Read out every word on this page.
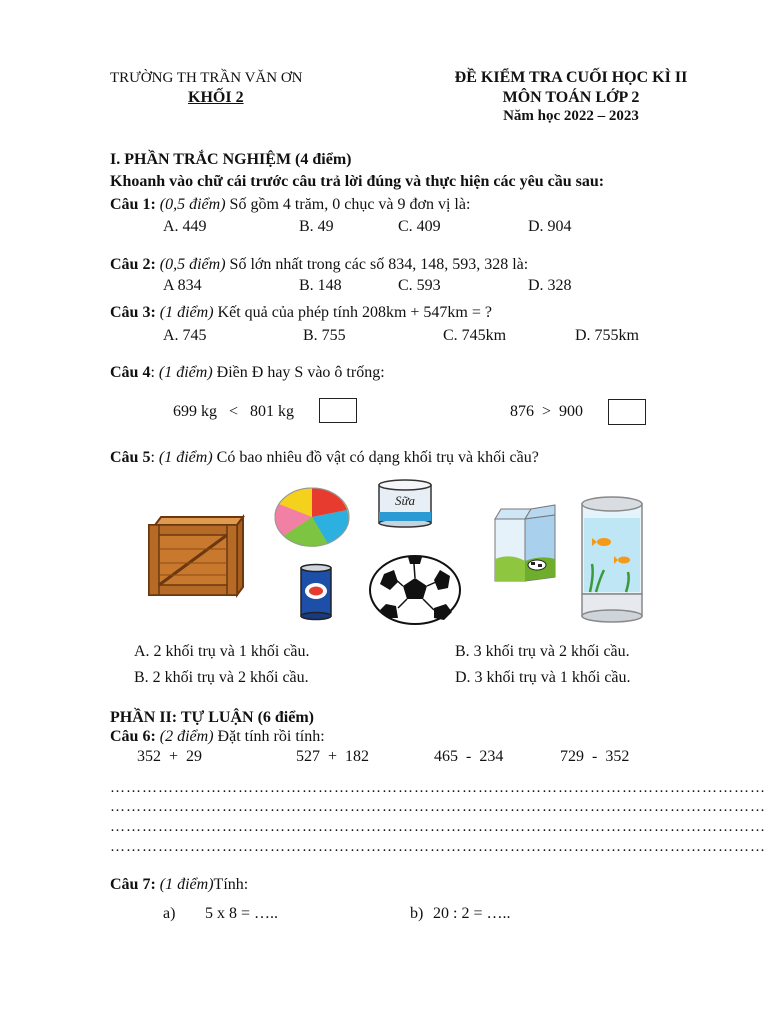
TRƯỜNG TH TRẦN VĂN ƠN
KHỐI 2
ĐỀ KIỂM TRA CUỐI HỌC KÌ II
MÔN TOÁN LỚP 2
Năm học 2022 – 2023
I. PHẦN TRẮC NGHIỆM (4 điểm)
Khoanh vào chữ cái trước câu trả lời đúng và thực hiện các yêu cầu sau:
Câu 1: (0,5 điểm) Số gồm 4 trăm, 0 chục và 9 đơn vị là:
A. 449	B. 49	C. 409	D. 904
Câu 2: (0,5 điểm) Số lớn nhất trong các số 834, 148, 593, 328 là:
A 834	B. 148	C. 593	D. 328
Câu 3: (1 điểm) Kết quả của phép tính 208km + 547km = ?
A. 745	B. 755	C. 745km	D. 755km
Câu 4: (1 điểm) Điền Đ hay S vào ô trống:
699 kg   <   801 kg	876  >  900
Câu 5: (1 điểm) Có bao nhiêu đồ vật có dạng khối trụ và khối cầu?
Sữa
A. 2 khối trụ và 1 khối cầu.	B. 3 khối trụ và 2 khối cầu.
B. 2 khối trụ và 2 khối cầu.	D. 3 khối trụ và 1 khối cầu.
PHẦN II: TỰ LUẬN (6 điểm)
Câu 6: (2 điểm) Đặt tính rồi tính:
352  +  29	527  +  182	465  -  234	729  -  352
……………………………………………………………………………………………………………
……………………………………………………………………………………………………………
……………………………………………………………………………………………………………
……………………………………………………………………………………………………………
Câu 7: (1 điểm)Tính:
a) 5 x 8 = …..	b) 20 : 2 = …..
